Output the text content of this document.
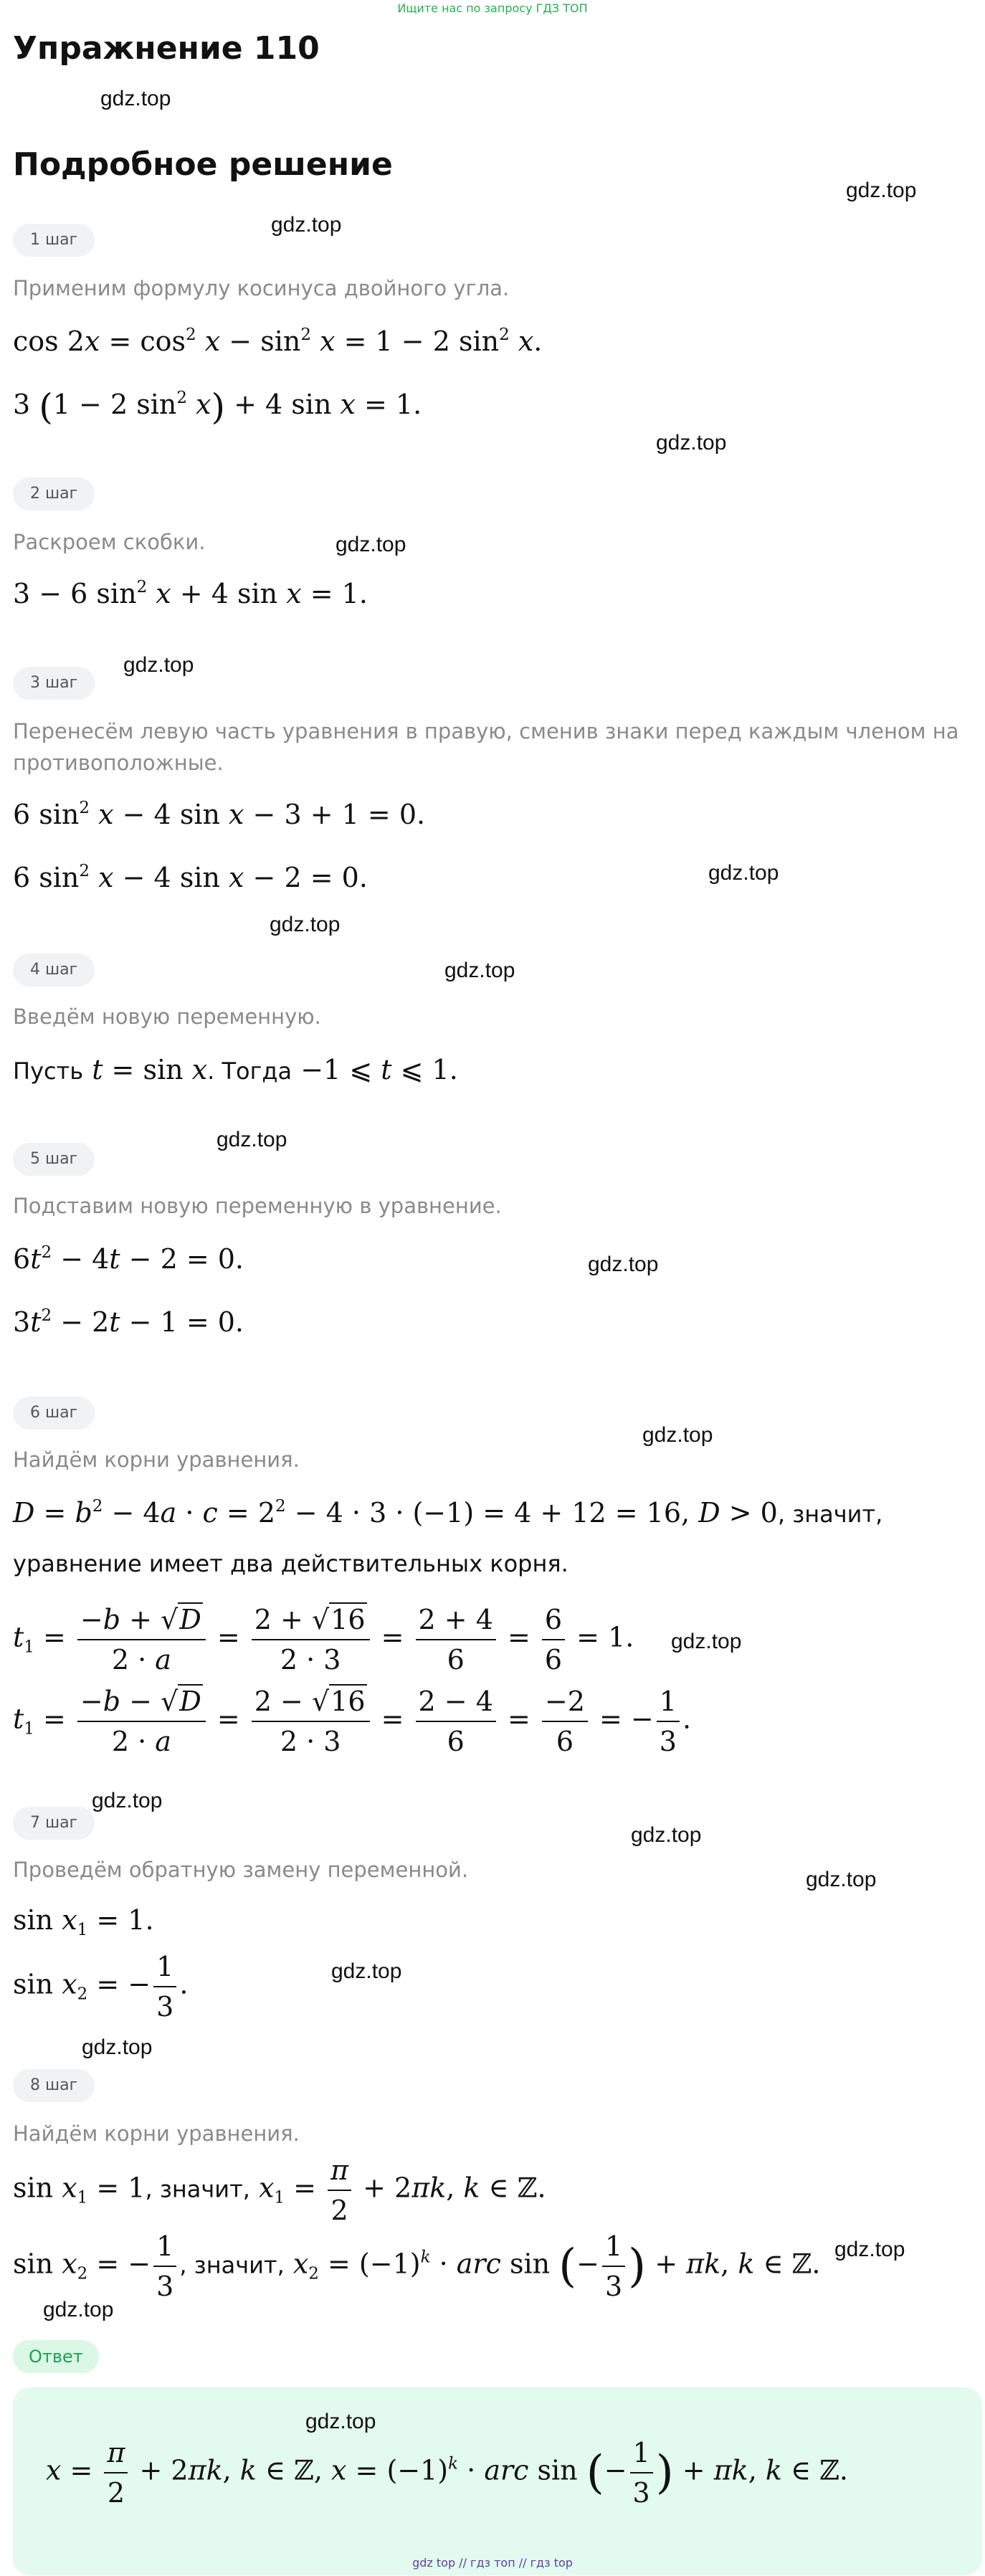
Ищите нас по запросу ГДЗ ТОП
Упражнение 110
gdz.top
Подробное решение
gdz.top
1 шаг
gdz.top
Применим формулу косинуса двойного угла.
$\cos 2x = \cos^2 x - \sin^2 x = 1 - 2$ $\sin^2 x$.
3 (1 − 2 $\sin^2 x) + 4$ sin x = 1.
gdz.top
2 шаг
Раскроем скобки.	gdz.top
3 − 6 $\sin^2 x + 4$ sin x = 1.
gdz.top
3 шаг
Перенесём левую часть уравнения в правую, сменив знаки перед каждым членом на противоположные.
6 $\sin^2 x - 4$ sin x − 3 + 1 = 0.
6 $\sin^2 x - 4$ sin x − 2 = 0.	gdz.top
gdz.top
4 шаг	gdz.top
Введём новую переменную.
Пусть t = sin x. Тогда −1 ⩽ t ⩽ 1.
gdz.top
5 шаг
Подставим новую переменную в уравнение.
$6t^2 - 4t - 2 = 0$.	gdz.top
$3t^2 - 2t - 1 = 0$.
6 шаг
gdz.top
Найдём корни уравнения.
$D = b^2 - 4a \cdot c = 2^2 - 4 \cdot 3 \cdot (-1) = 4 + 12 = 16$, D > 0, значит,
уравнение имеет два действительных корня.
$t_1 = \frac{-b + √D}{2 \cdot a} = \frac{2 + √16}{2 \cdot 3} = \frac{2 + 4}{6} = \frac{6}{6} = 1$. gdz.top
$t_1 = \frac{-b - √D}{2 \cdot a} = \frac{2 - √16}{2 \cdot 3} = \frac{2 - 4}{6} = \frac{-2}{6}$ = − $\frac{1}{3}$ .
gdz.top
7 шаг
gdz.top
Проведём обратную замену переменной.	gdz.top
$\sin x_1 = 1$.
$\sin x_2$ = − $\frac{1}{3}$ .	gdz.top
gdz.top
8 шаг
Найдём корни уравнения.
$\sin x_1 = 1$, значит, $x_1 = \frac{\pi}{2} + 2\pi k$, k ∈ ℤ.
$\sin x_2$ = − $\frac{1}{3}$ , значит, $x_2 = (-1)^k$ · arc sin (− $\frac{1}{3}$ ) + πk, k ∈ ℤ. gdz.top
gdz.top
Ответ
gdz.top
$x = \frac{\pi}{2} + 2\pi k$, k ∈ ℤ, $x = (-1)^k$ · arc sin (− $\frac{1}{3}$ ) + πk, k ∈ ℤ.
gdz top // гдз топ // гдз top
